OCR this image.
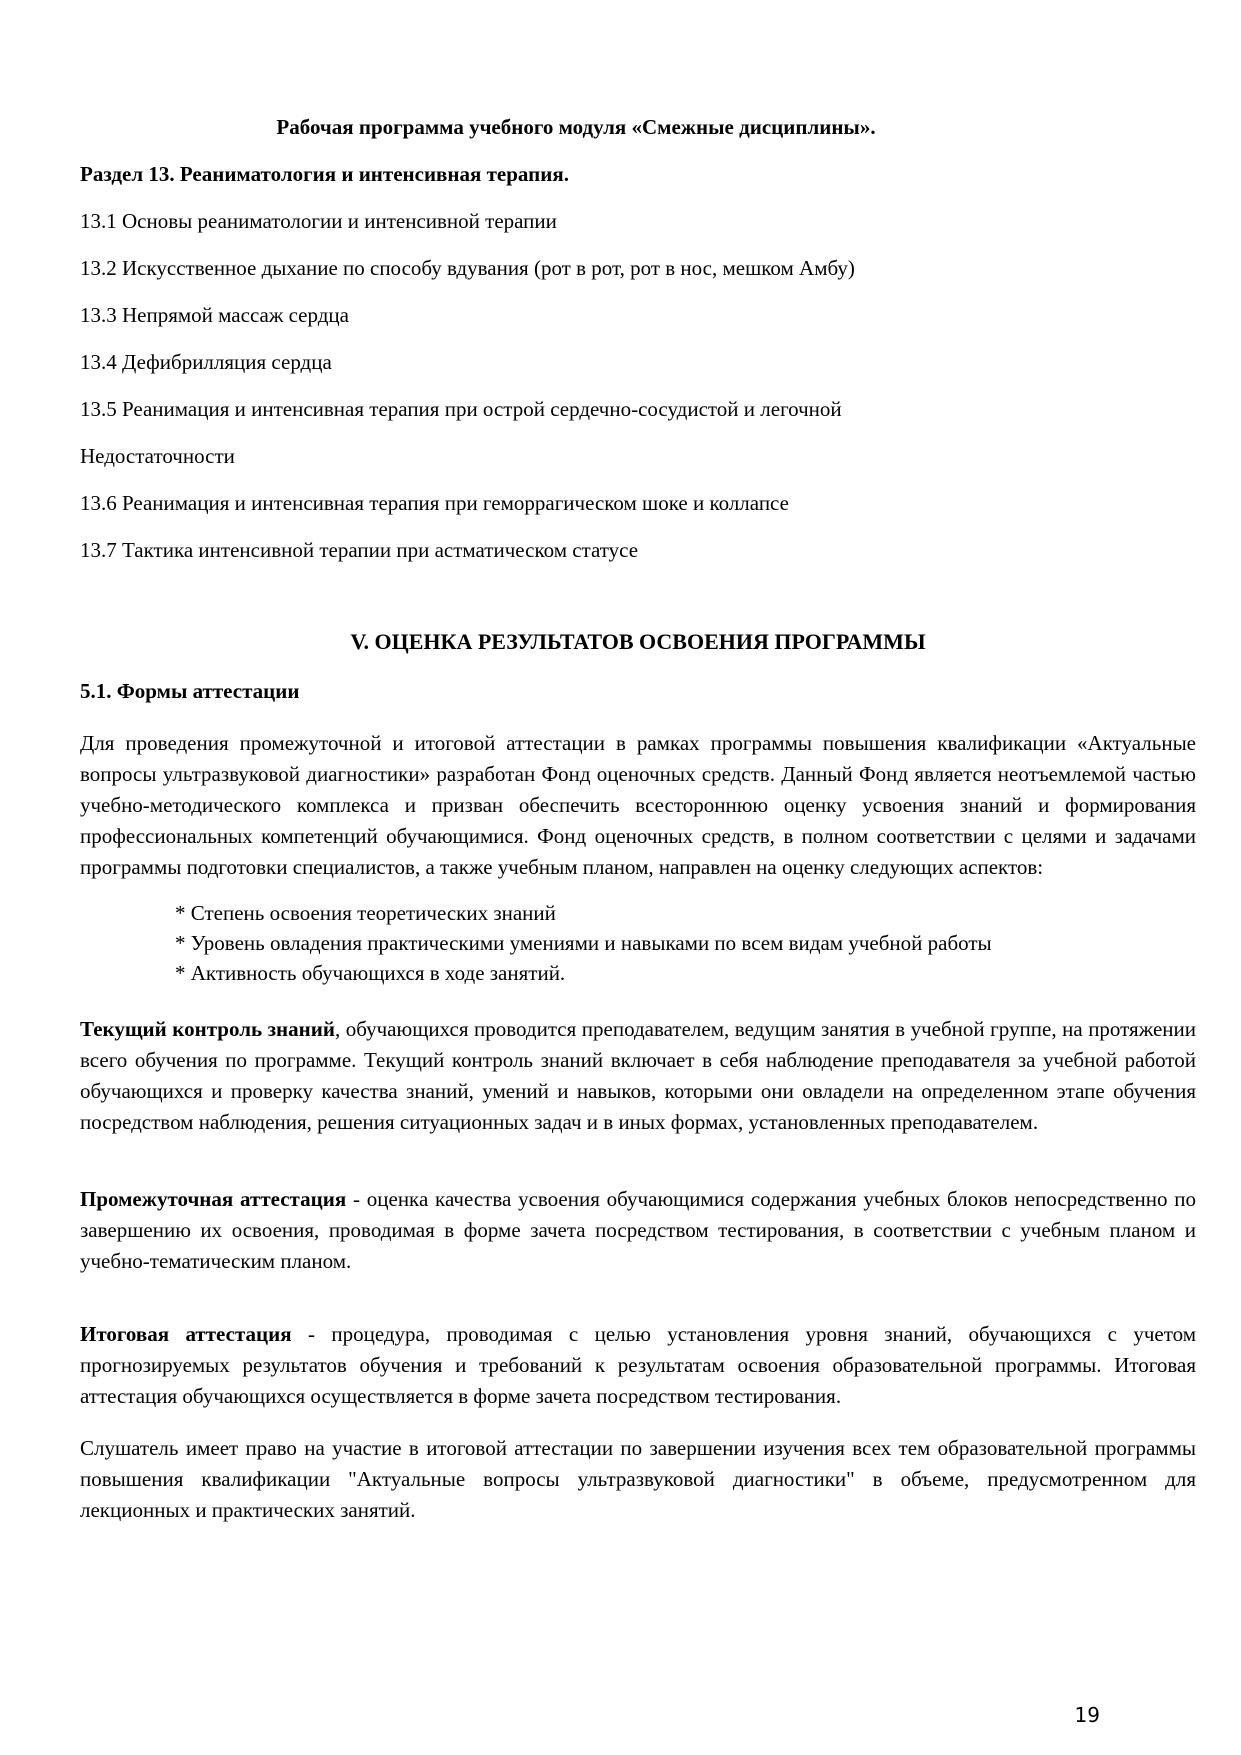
Рабочая программа учебного модуля «Смежные дисциплины».

Раздел 13. Реаниматология и интенсивная терапия.

13.1 Основы реаниматологии и интенсивной терапии

13.2 Искусственное дыхание по способу вдувания (рот в рот, рот в нос, мешком Амбу)

13.3 Непрямой массаж сердца

13.4 Дефибрилляция сердца

13.5 Реанимация и интенсивная терапия при острой сердечно-сосудистой и легочной

Недостаточности

13.6 Реанимация и интенсивная терапия при геморрагическом шоке и коллапсе

13.7 Тактика интенсивной терапии при астматическом статусе

V. ОЦЕНКА РЕЗУЛЬТАТОВ ОСВОЕНИЯ ПРОГРАММЫ

5.1. Формы аттестации

Для проведения промежуточной и итоговой аттестации в рамках программы повышения квалификации «Актуальные вопросы ультразвуковой диагностики» разработан Фонд оценочных средств. Данный Фонд является неотъемлемой частью учебно-методического комплекса и призван обеспечить всестороннюю оценку усвоения знаний и формирования профессиональных компетенций обучающимися. Фонд оценочных средств, в полном соответствии с целями и задачами программы подготовки специалистов, а также учебным планом, направлен на оценку следующих аспектов:

* Степень освоения теоретических знаний

* Уровень овладения практическими умениями и навыками по всем видам учебной работы

* Активность обучающихся в ходе занятий.

Текущий контроль знаний, обучающихся проводится преподавателем, ведущим занятия в учебной группе, на протяжении всего обучения по программе. Текущий контроль знаний включает в себя наблюдение преподавателя за учебной работой обучающихся и проверку качества знаний, умений и навыков, которыми они овладели на определенном этапе обучения посредством наблюдения, решения ситуационных задач и в иных формах, установленных преподавателем.

Промежуточная аттестация - оценка качества усвоения обучающимися содержания учебных блоков непосредственно по завершению их освоения, проводимая в форме зачета посредством тестирования, в соответствии с учебным планом и учебно-тематическим планом.

Итоговая аттестация - процедура, проводимая с целью установления уровня знаний, обучающихся с учетом прогнозируемых результатов обучения и требований к результатам освоения образовательной программы. Итоговая аттестация обучающихся осуществляется в форме зачета посредством тестирования.

Слушатель имеет право на участие в итоговой аттестации по завершении изучения всех тем образовательной программы повышения квалификации "Актуальные вопросы ультразвуковой диагностики" в объеме, предусмотренном для лекционных и практических занятий.

19
